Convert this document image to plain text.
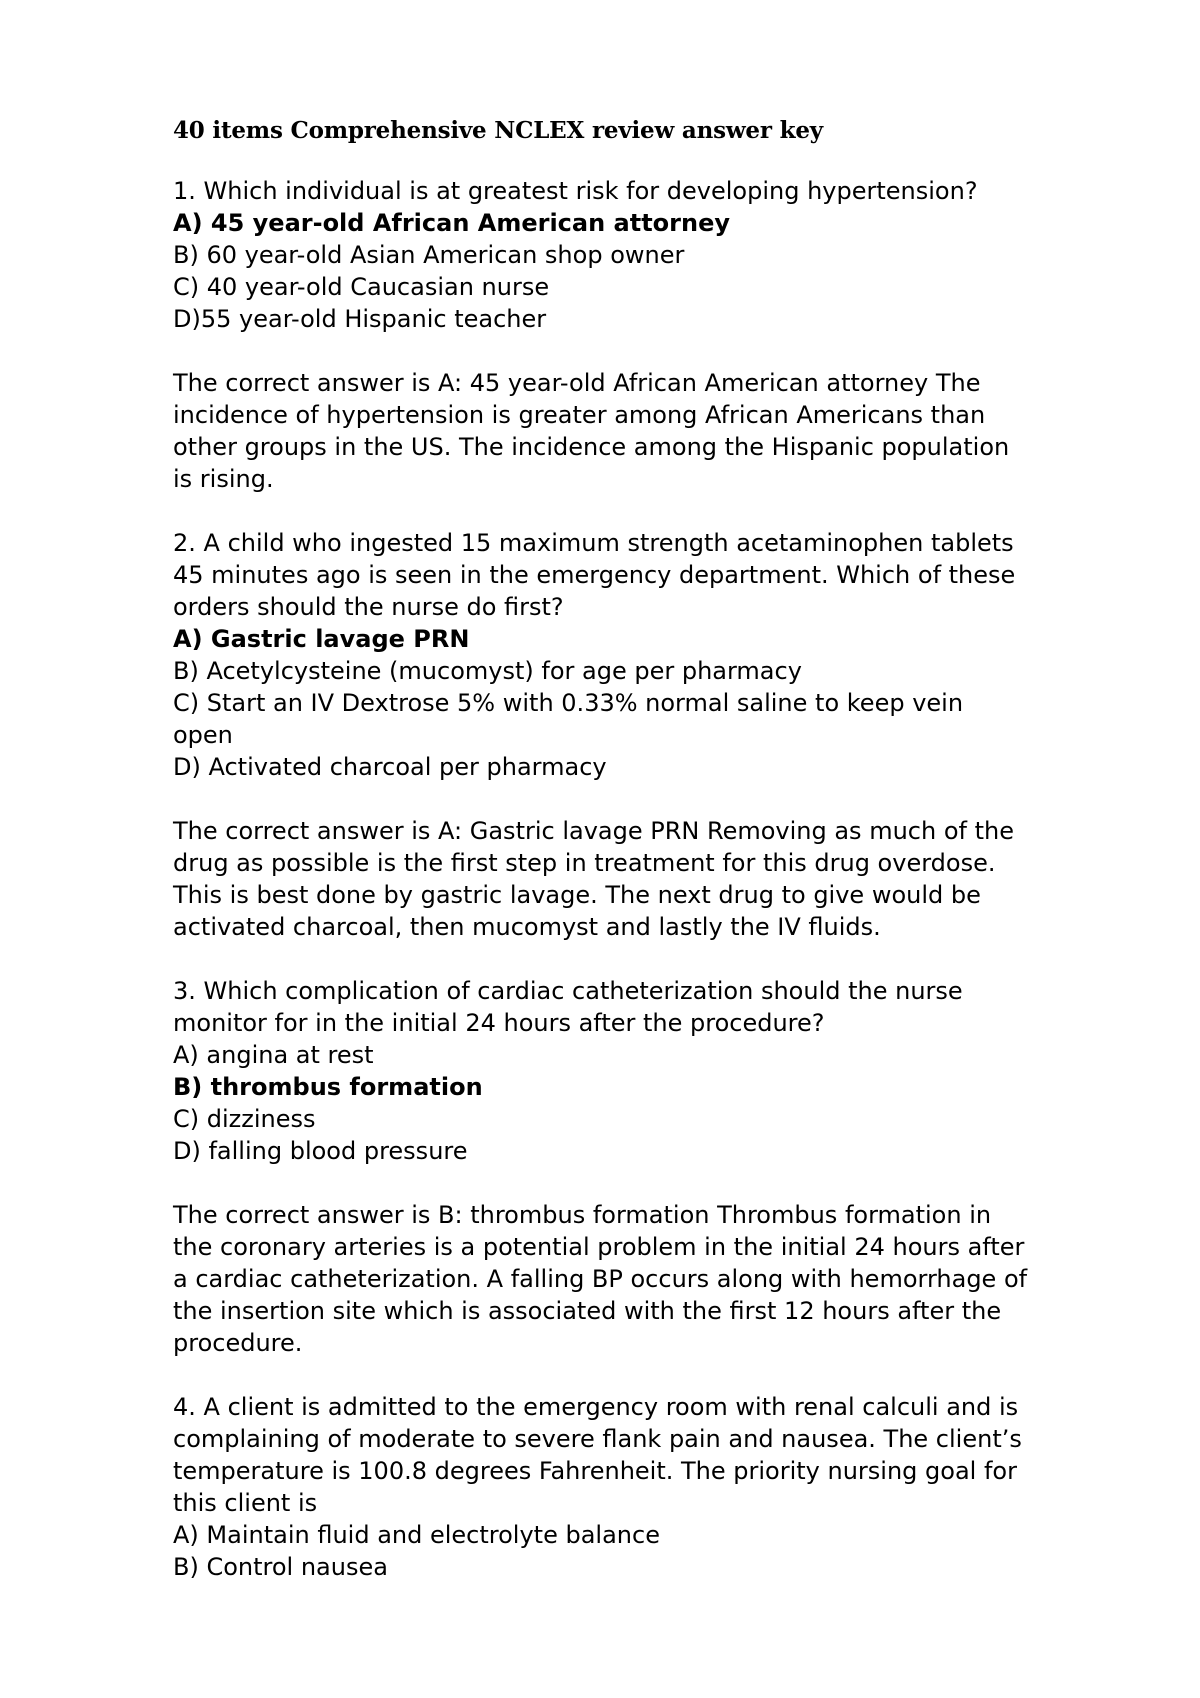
40 items Comprehensive NCLEX review answer key
1. Which individual is at greatest risk for developing hypertension?
A) 45 year-old African American attorney
B) 60 year-old Asian American shop owner
C) 40 year-old Caucasian nurse
D)55 year-old Hispanic teacher
The correct answer is A: 45 year-old African American attorney The
incidence of hypertension is greater among African Americans than
other groups in the US. The incidence among the Hispanic population
is rising.
2. A child who ingested 15 maximum strength acetaminophen tablets
45 minutes ago is seen in the emergency department. Which of these
orders should the nurse do first?
A) Gastric lavage PRN
B) Acetylcysteine (mucomyst) for age per pharmacy
C) Start an IV Dextrose 5% with 0.33% normal saline to keep vein
open
D) Activated charcoal per pharmacy
The correct answer is A: Gastric lavage PRN Removing as much of the
drug as possible is the first step in treatment for this drug overdose.
This is best done by gastric lavage. The next drug to give would be
activated charcoal, then mucomyst and lastly the IV fluids.
3. Which complication of cardiac catheterization should the nurse
monitor for in the initial 24 hours after the procedure?
A) angina at rest
B) thrombus formation
C) dizziness
D) falling blood pressure
The correct answer is B: thrombus formation Thrombus formation in
the coronary arteries is a potential problem in the initial 24 hours after
a cardiac catheterization. A falling BP occurs along with hemorrhage of
the insertion site which is associated with the first 12 hours after the
procedure.
4. A client is admitted to the emergency room with renal calculi and is
complaining of moderate to severe flank pain and nausea. The client’s
temperature is 100.8 degrees Fahrenheit. The priority nursing goal for
this client is
A) Maintain fluid and electrolyte balance
B) Control nausea
